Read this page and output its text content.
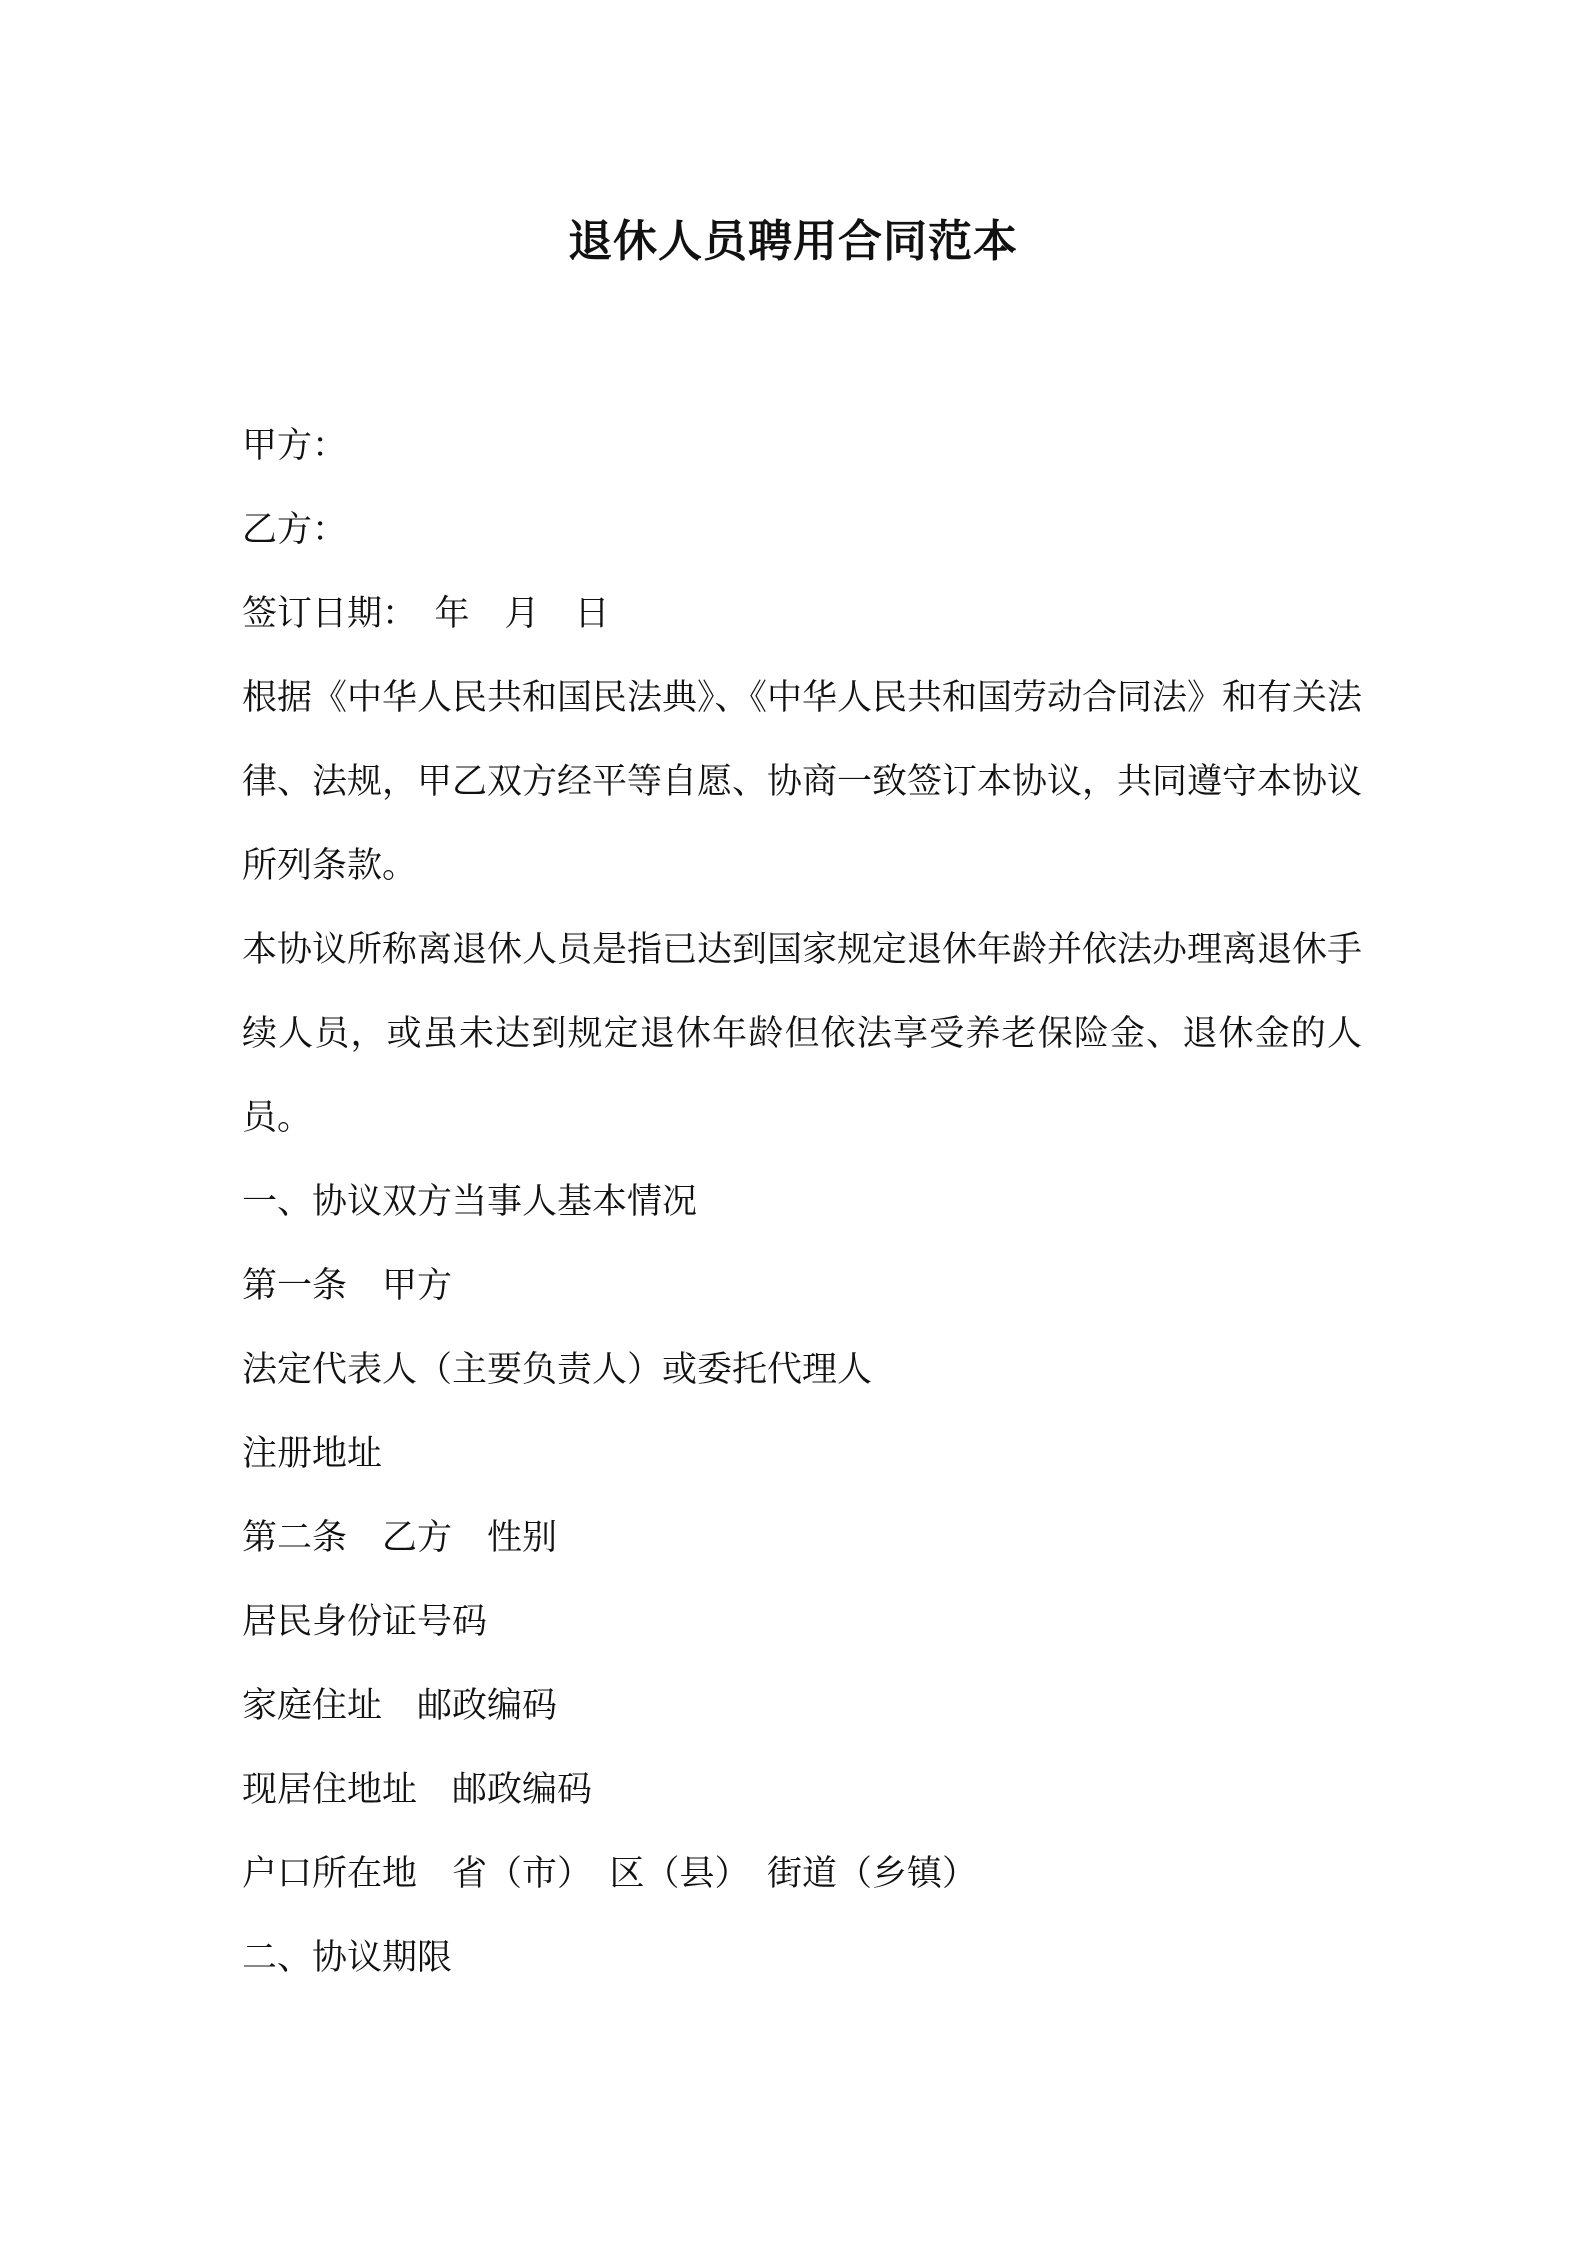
退休人员聘用合同范本

甲方：

乙方：

签订日期：　年　月　日

根据《中华人民共和国民法典》、《中华人民共和国劳动合同法》和有关法律、法规，甲乙双方经平等自愿、协商一致签订本协议，共同遵守本协议所列条款。

本协议所称离退休人员是指已达到国家规定退休年龄并依法办理离退休手续人员，或虽未达到规定退休年龄但依法享受养老保险金、退休金的人员。

一、协议双方当事人基本情况

第一条　甲方

法定代表人（主要负责人）或委托代理人

注册地址

第二条　乙方　性别

居民身份证号码

家庭住址　邮政编码

现居住地址　邮政编码

户口所在地　省（市）　区（县）　街道（乡镇）

二、协议期限
